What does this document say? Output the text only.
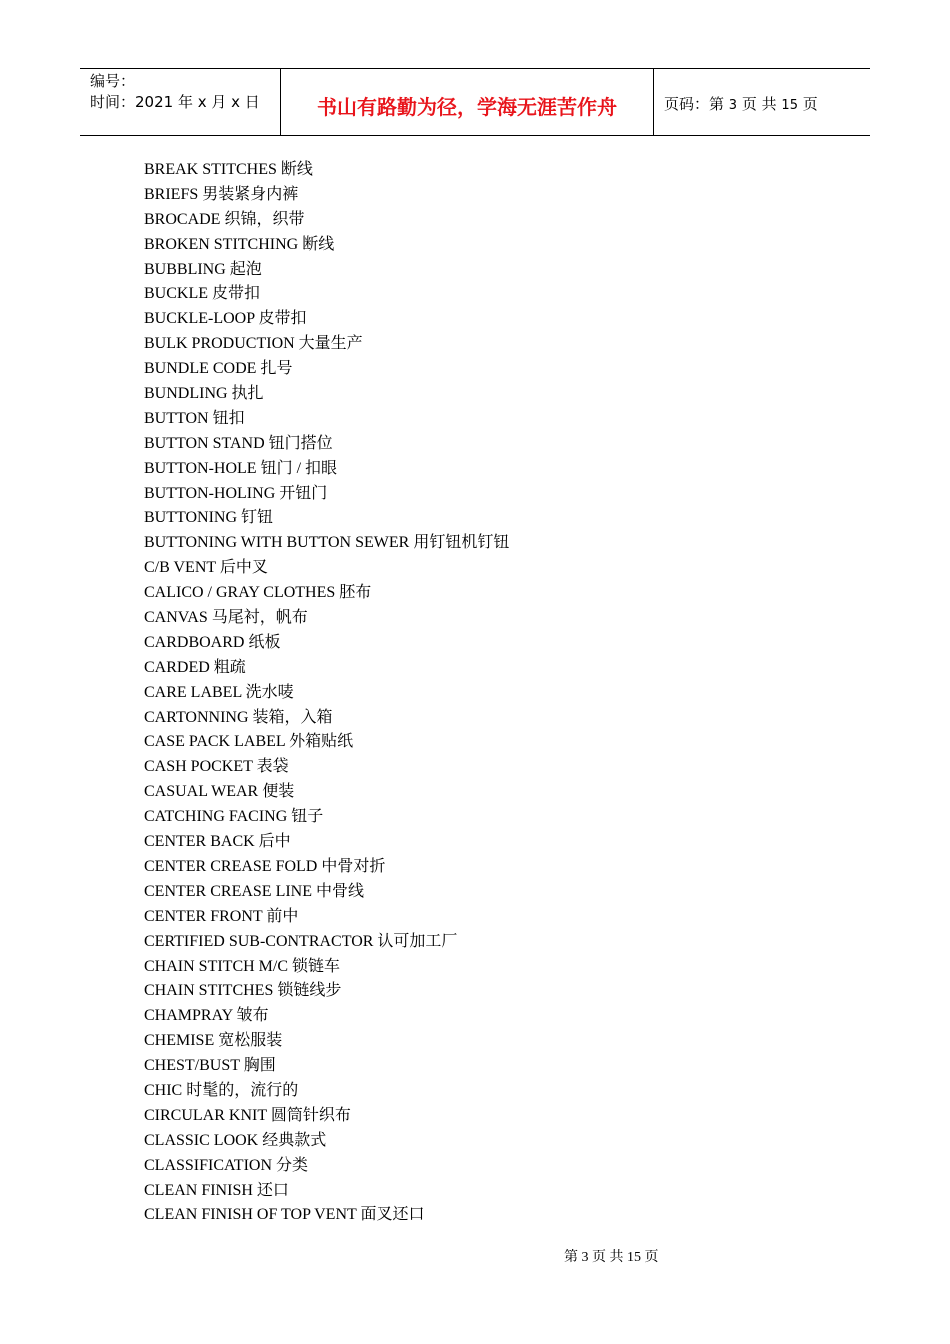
编号：
时间：2021 年 x 月 x 日	书山有路勤为径，学海无涯苦作舟	页码：第 3 页 共 15 页
BREAK STITCHES 断线
BRIEFS 男装紧身内裤
BROCADE 织锦，织带
BROKEN STITCHING 断线
BUBBLING 起泡
BUCKLE 皮带扣
BUCKLE-LOOP 皮带扣
BULK PRODUCTION 大量生产
BUNDLE CODE 扎号
BUNDLING 执扎
BUTTON 钮扣
BUTTON STAND 钮门搭位
BUTTON-HOLE 钮门 / 扣眼
BUTTON-HOLING 开钮门
BUTTONING 钉钮
BUTTONING WITH BUTTON SEWER 用钉钮机钉钮
C/B VENT 后中叉
CALICO / GRAY CLOTHES 胚布
CANVAS 马尾衬，帆布
CARDBOARD 纸板
CARDED 粗疏
CARE LABEL 洗水唛
CARTONNING 装箱，入箱
CASE PACK LABEL 外箱贴纸
CASH POCKET 表袋
CASUAL WEAR 便装
CATCHING FACING 钮子
CENTER BACK 后中
CENTER CREASE FOLD 中骨对折
CENTER CREASE LINE 中骨线
CENTER FRONT 前中
CERTIFIED SUB-CONTRACTOR 认可加工厂
CHAIN STITCH M/C 锁链车
CHAIN STITCHES 锁链线步
CHAMPRAY 皱布
CHEMISE 宽松服装
CHEST/BUST 胸围
CHIC 时髦的，流行的
CIRCULAR KNIT 圆筒针织布
CLASSIC LOOK 经典款式
CLASSIFICATION 分类
CLEAN FINISH 还口
CLEAN FINISH OF TOP VENT 面叉还口
第 3 页 共 15 页
